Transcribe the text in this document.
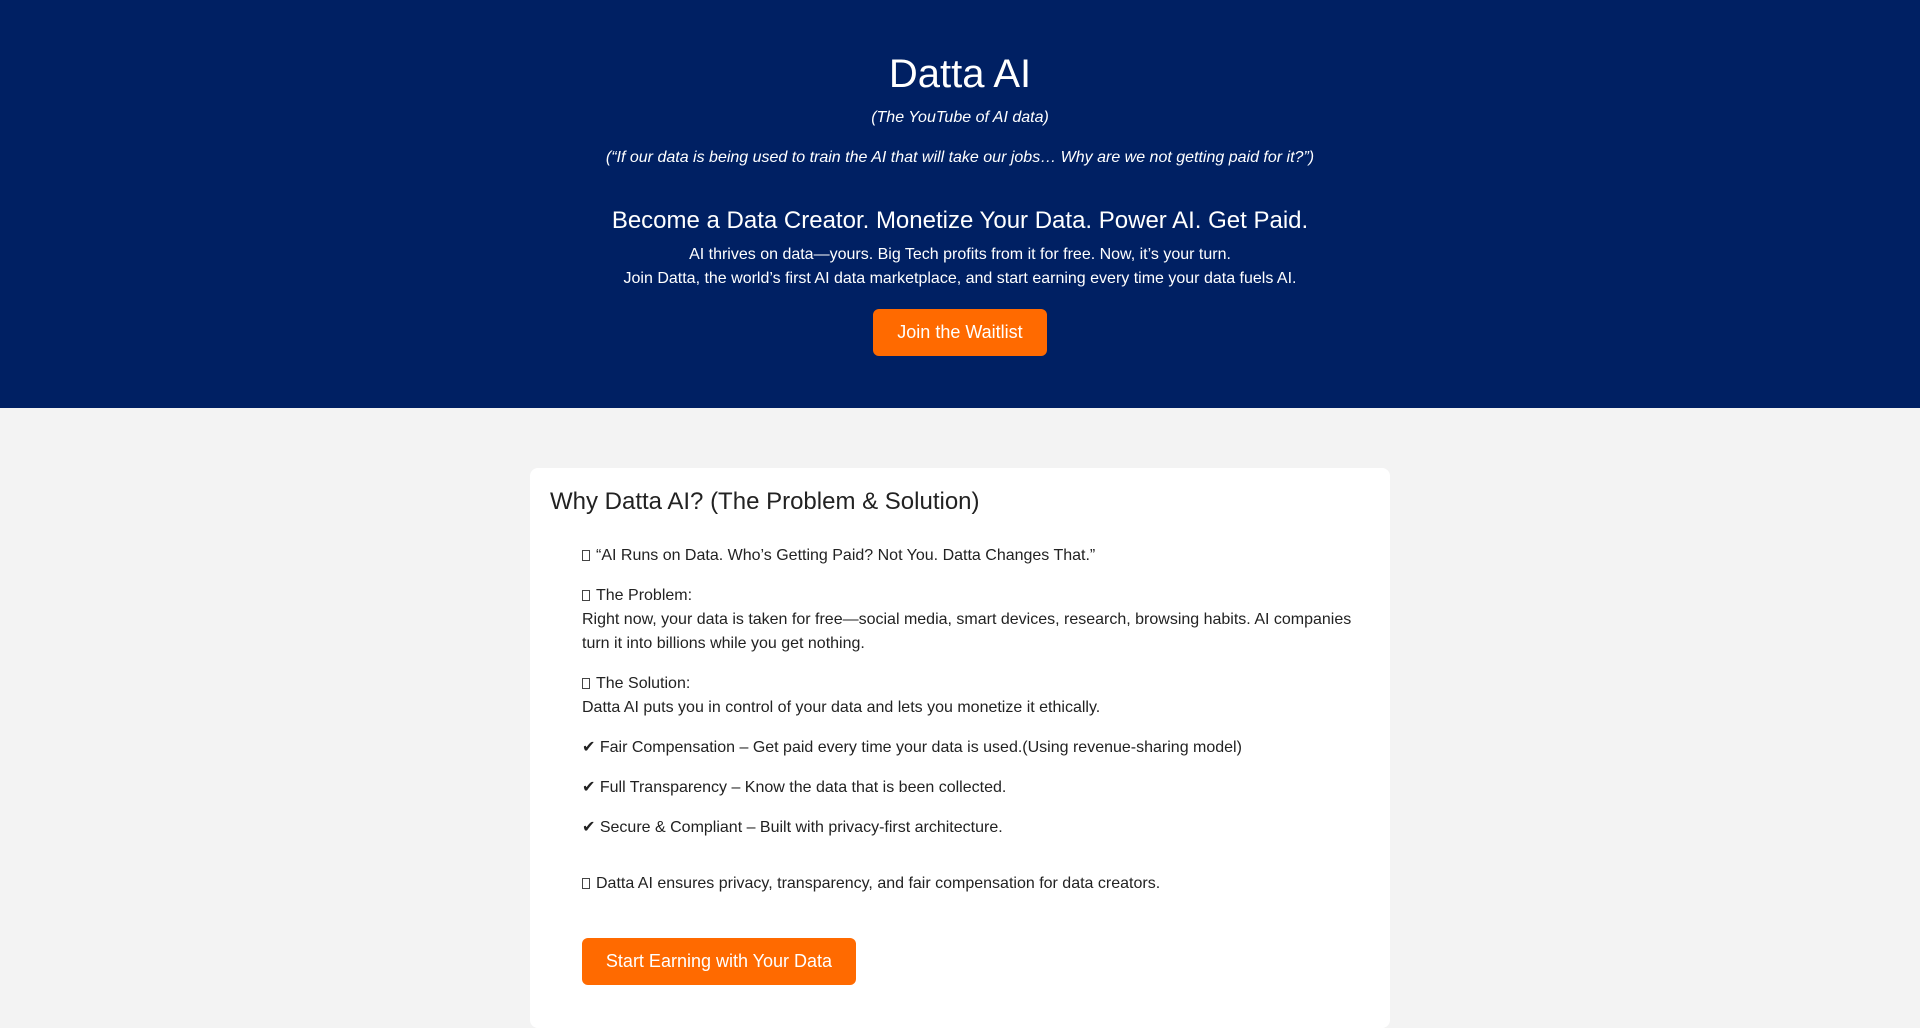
Datta AI

(The YouTube of AI data)

(“If our data is being used to train the AI that will take our jobs… Why are we not getting paid for it?”)

Become a Data Creator. Monetize Your Data. Power AI. Get Paid.
AI thrives on data—yours. Big Tech profits from it for free. Now, it’s your turn.
Join Datta, the world’s first AI data marketplace, and start earning every time your data fuels AI.
Join the Waitlist
Why Datta AI? (The Problem & Solution)

“AI Runs on Data. Who’s Getting Paid? Not You. Datta Changes That.”

The Problem:
Right now, your data is taken for free—social media, smart devices, research, browsing habits. AI companies turn it into billions while you get nothing.

The Solution:
Datta AI puts you in control of your data and lets you monetize it ethically.

✔ Fair Compensation – Get paid every time your data is used.(Using revenue-sharing model)

✔ Full Transparency – Know the data that is been collected.

✔ Secure & Compliant – Built with privacy-first architecture.

Datta AI ensures privacy, transparency, and fair compensation for data creators.

Start Earning with Your Data
